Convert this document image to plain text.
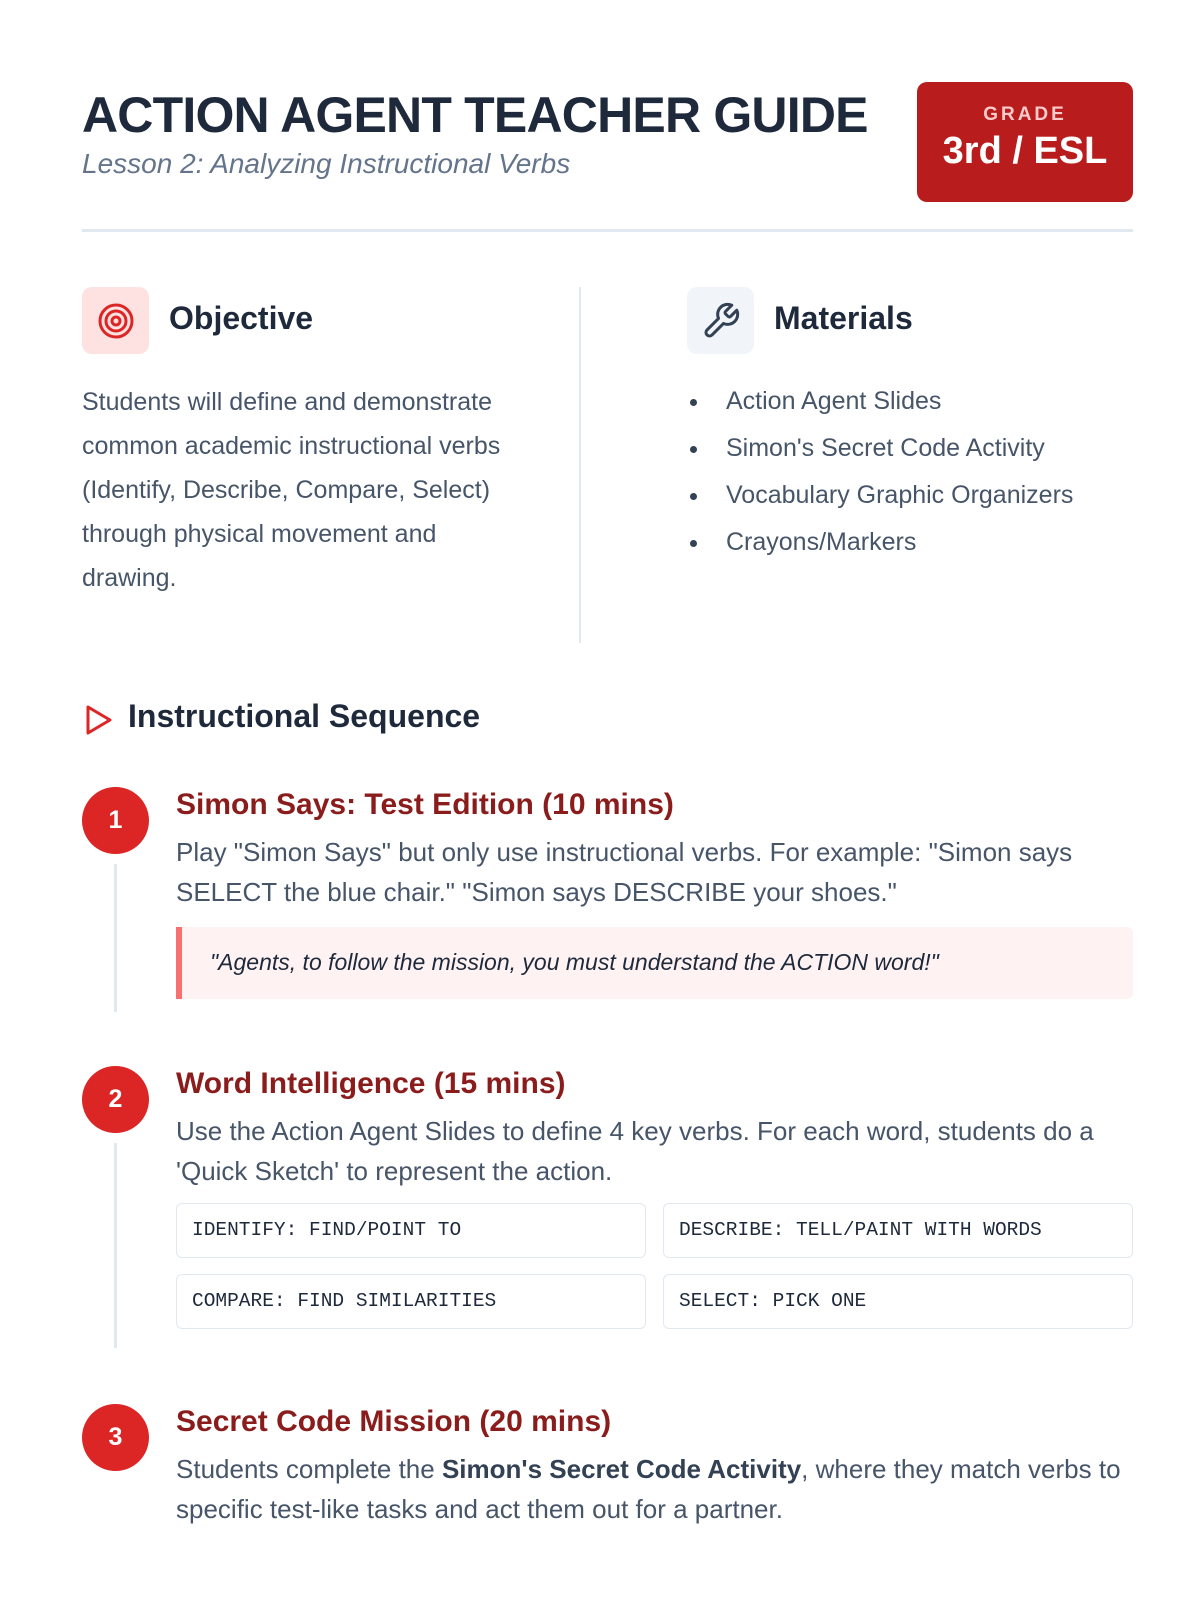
ACTION AGENT TEACHER GUIDE
Lesson 2: Analyzing Instructional Verbs
GRADE
3rd / ESL
Objective
Students will define and demonstrate common academic instructional verbs (Identify, Describe, Compare, Select) through physical movement and drawing.
Materials
Action Agent Slides
Simon's Secret Code Activity
Vocabulary Graphic Organizers
Crayons/Markers
Instructional Sequence
1	Simon Says: Test Edition (10 mins)
Play "Simon Says" but only use instructional verbs. For example: "Simon says SELECT the blue chair." "Simon says DESCRIBE your shoes."
"Agents, to follow the mission, you must understand the ACTION word!"
2	Word Intelligence (15 mins)
Use the Action Agent Slides to define 4 key verbs. For each word, students do a 'Quick Sketch' to represent the action.
IDENTIFY: FIND/POINT TO	DESCRIBE: TELL/PAINT WITH WORDS
COMPARE: FIND SIMILARITIES	SELECT: PICK ONE
3	Secret Code Mission (20 mins)
Students complete the Simon's Secret Code Activity, where they match verbs to specific test-like tasks and act them out for a partner.
